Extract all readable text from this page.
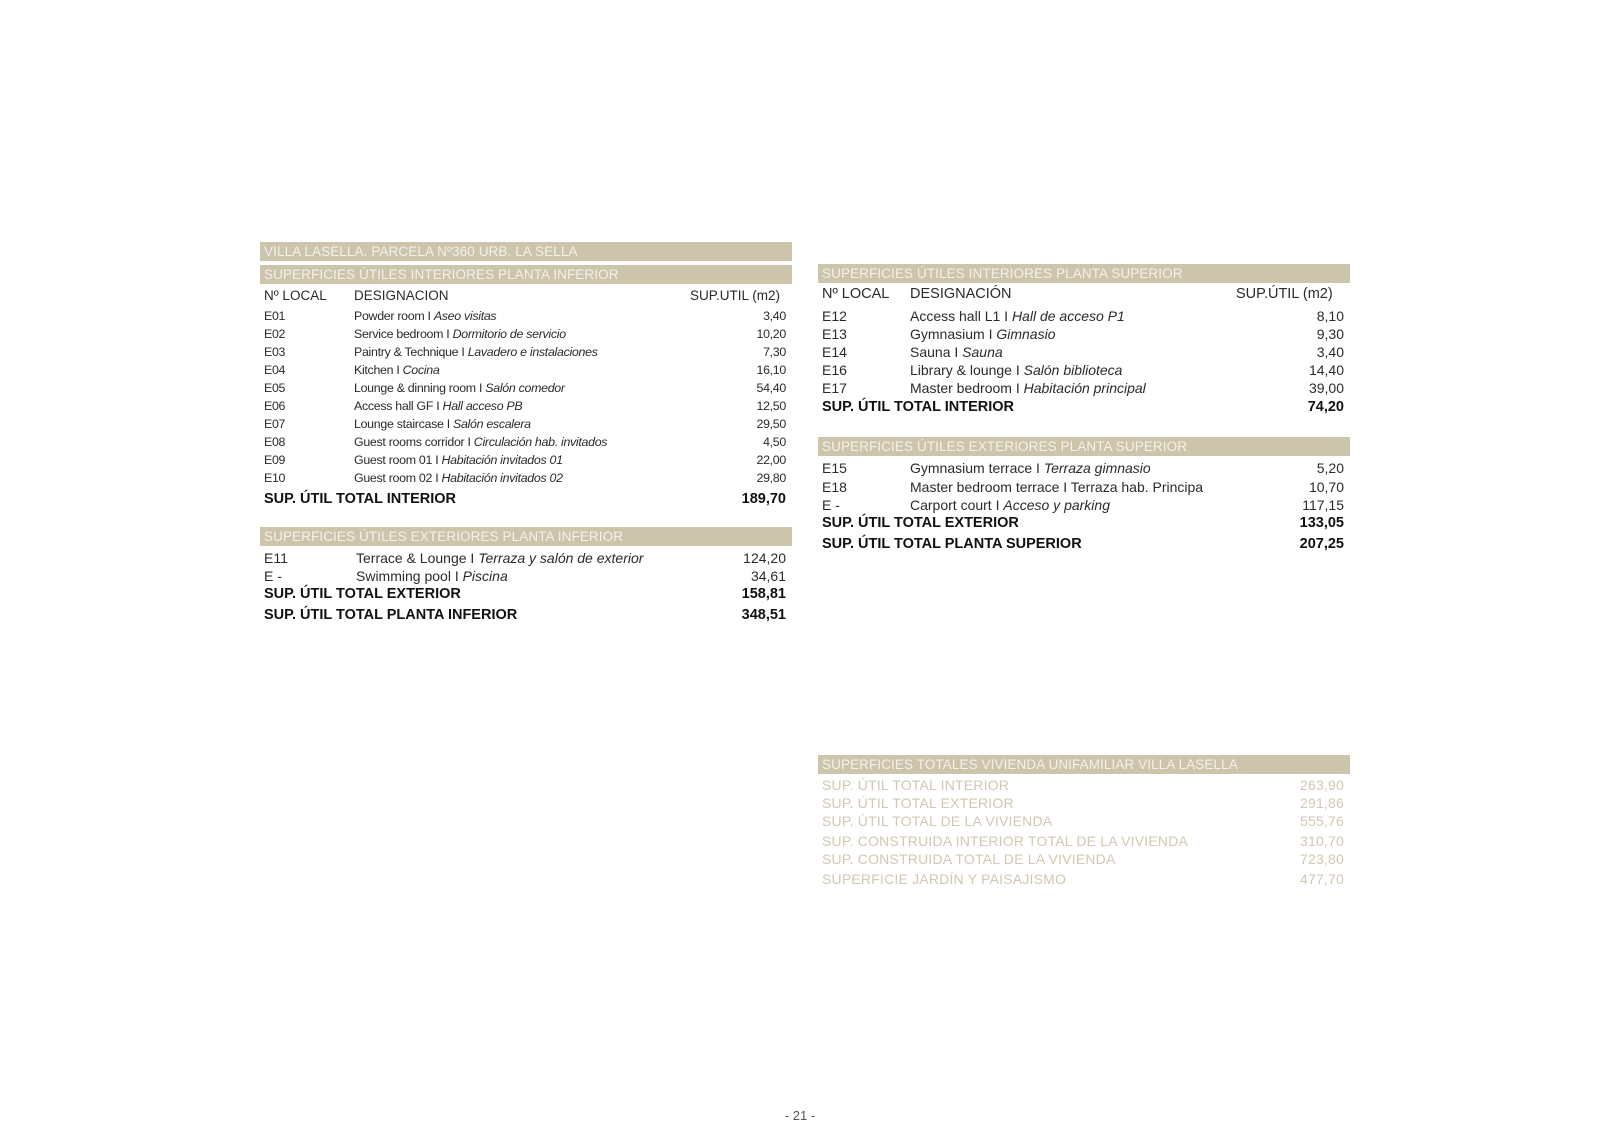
VILLA LASELLA. PARCELA Nº360 URB. LA SELLA
SUPERFICIES ÚTILES INTERIORES PLANTA INFERIOR
Nº LOCAL DESIGNACION	SUP.UTIL (m2)
E01	Powder room I Aseo visitas	3,40
E02	Service bedroom I Dormitorio de servicio	10,20
E03	Paintry & Technique I Lavadero e instalaciones	7,30
E04	Kitchen I Cocina	16,10
E05	Lounge & dinning room I Salón comedor	54,40
E06	Access hall GF I Hall acceso PB	12,50
E07	Lounge staircase I Salón escalera	29,50
E08	Guest rooms corridor I Circulación hab. invitados	4,50
E09	Guest room 01 I Habitación invitados 01	22,00
E10	Guest room 02 I Habitación invitados 02	29,80
SUP. ÚTIL TOTAL INTERIOR	189,70
SUPERFICIES ÚTILES EXTERIORES PLANTA INFERIOR
E11	Terrace & Lounge I Terraza y salón de exterior	124,20
E -	Swimming pool I Piscina	34,61
SUP. ÚTIL TOTAL EXTERIOR	158,81
SUP. ÚTIL TOTAL PLANTA INFERIOR	348,51
SUPERFICIES ÚTILES INTERIORES PLANTA SUPERIOR
Nº LOCAL DESIGNACIÓN	SUP.ÚTIL (m2)
E12	Access hall L1 I Hall de acceso P1	8,10
E13	Gymnasium I Gimnasio	9,30
E14	Sauna I Sauna	3,40
E16	Library & lounge I Salón biblioteca	14,40
E17	Master bedroom I Habitación principal	39,00
SUP. ÚTIL TOTAL INTERIOR	74,20
SUPERFICIES ÚTILES EXTERIORES PLANTA SUPERIOR
E15	Gymnasium terrace I Terraza gimnasio	5,20
E18	Master bedroom terrace I Terraza hab. Principa	10,70
E -	Carport court I Acceso y parking	117,15
SUP. ÚTIL TOTAL EXTERIOR	133,05
SUP. ÚTIL TOTAL PLANTA SUPERIOR	207,25
SUPERFICIES TOTALES VIVIENDA UNIFAMILIAR VILLA LASELLA
SUP. ÚTIL TOTAL INTERIOR	263,90
SUP. ÚTIL TOTAL EXTERIOR	291,86
SUP. ÚTIL TOTAL DE LA VIVIENDA	555,76
SUP. CONSTRUIDA INTERIOR TOTAL DE LA VIVIENDA	310,70
SUP. CONSTRUIDA TOTAL DE LA VIVIENDA	723,80
SUPERFICIE JARDÍN Y PAISAJISMO	477,70
- 21 -
